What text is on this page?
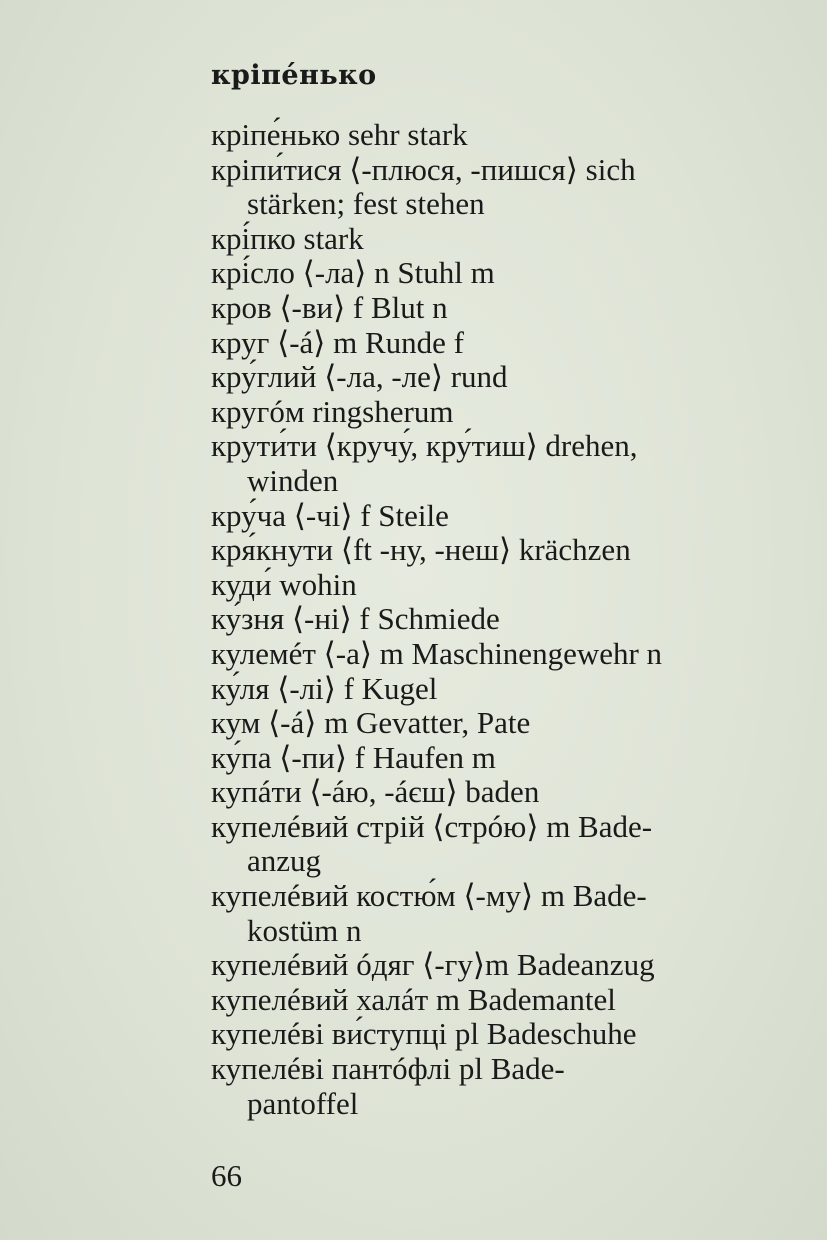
кріпе́нько
кріпе́нько sehr stark
кріпи́тися ⟨-плюся, -пишся⟩ sich
stärken; fest stehen
крі́пко stark
крі́сло ⟨-ла⟩ n Stuhl m
кров ⟨-ви⟩ f Blut n
круг ⟨-á⟩ m Runde f
кру́глий ⟨-ла, -ле⟩ rund
кругóм ringsherum
крути́ти ⟨кручу́, кру́тиш⟩ drehen,
winden
кру́ча ⟨-чі⟩ f Steile
кря́кнути ⟨ft -ну, -неш⟩ krächzen
куди́ wohin
ку́зня ⟨-ні⟩ f Schmiede
кулемéт ⟨-а⟩ m Maschinengewehr n
ку́ля ⟨-лі⟩ f Kugel
кум ⟨-á⟩ m Gevatter, Pate
ку́па ⟨-пи⟩ f Haufen m
купáти ⟨-áю, -áєш⟩ baden
купелéвий стрій ⟨стрóю⟩ m Bade-
anzug
купелéвий костю́м ⟨-му⟩ m Bade-
kostüm n
купелéвий óдяг ⟨-гу⟩m Badeanzug
купелéвий халáт m Bademantel
купелéві ви́ступці pl Badeschuhe
купелéві пантóфлі pl Bade-
pantoffel
66
